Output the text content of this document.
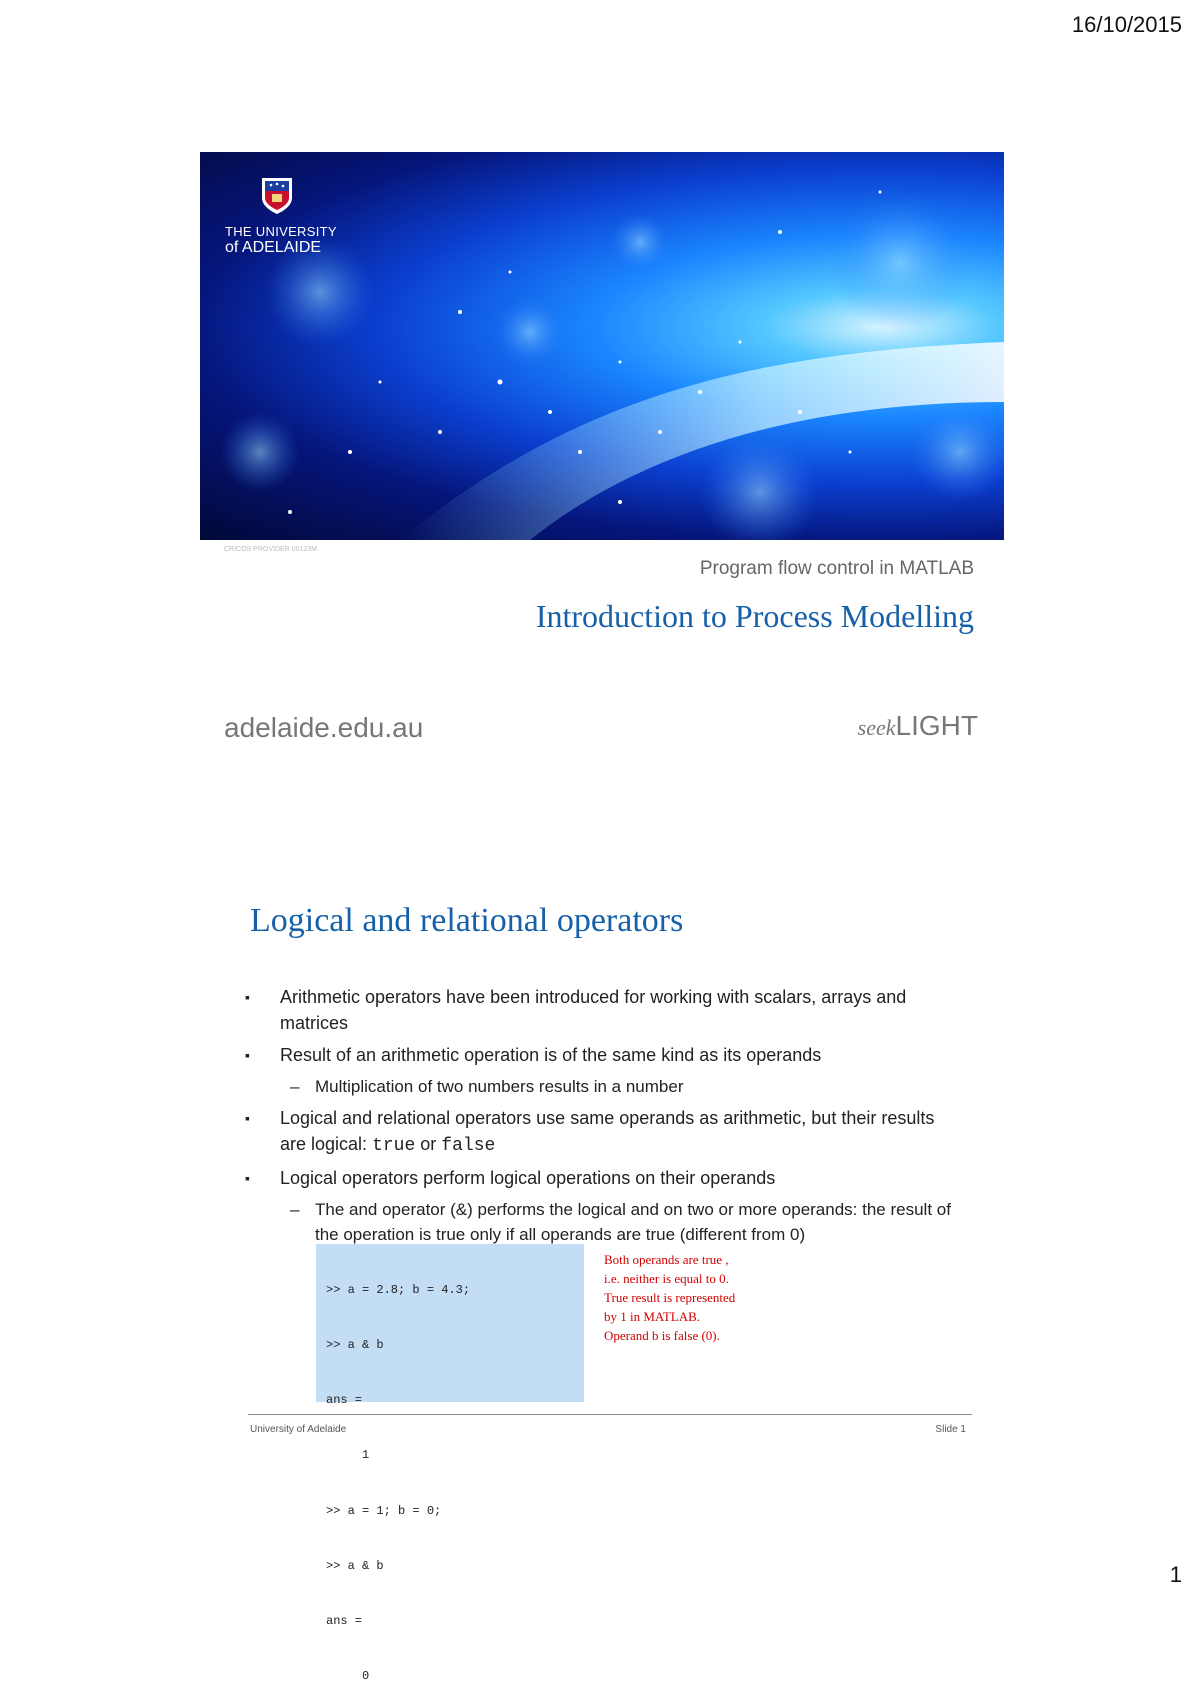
16/10/2015
THE UNIVERSITY
of ADELAIDE
CRICOS PROVIDER 00123M
Program flow control in MATLAB
Introduction to Process Modelling
adelaide.edu.au	seekLIGHT
Logical and relational operators
▪ Arithmetic operators have been introduced for working with scalars, arrays and matrices
▪ Result of an arithmetic operation is of the same kind as its operands
– Multiplication of two numbers results in a number
▪ Logical and relational operators use same operands as arithmetic, but their results are logical: true or false
▪ Logical operators perform logical operations on their operands
– The and operator (&) performs the logical and on two or more operands: the result of the operation is true only if all operands are true (different from 0)

>> a = 2.8; b = 4.3;

>> a & b

ans =

1

>> a = 1; b = 0;

>> a & b

ans =

0

Both operands are true ,
i.e. neither is equal to 0.
True result is represented
by 1 in MATLAB.
Operand b is false (0).
University of Adelaide	Slide 1
1
